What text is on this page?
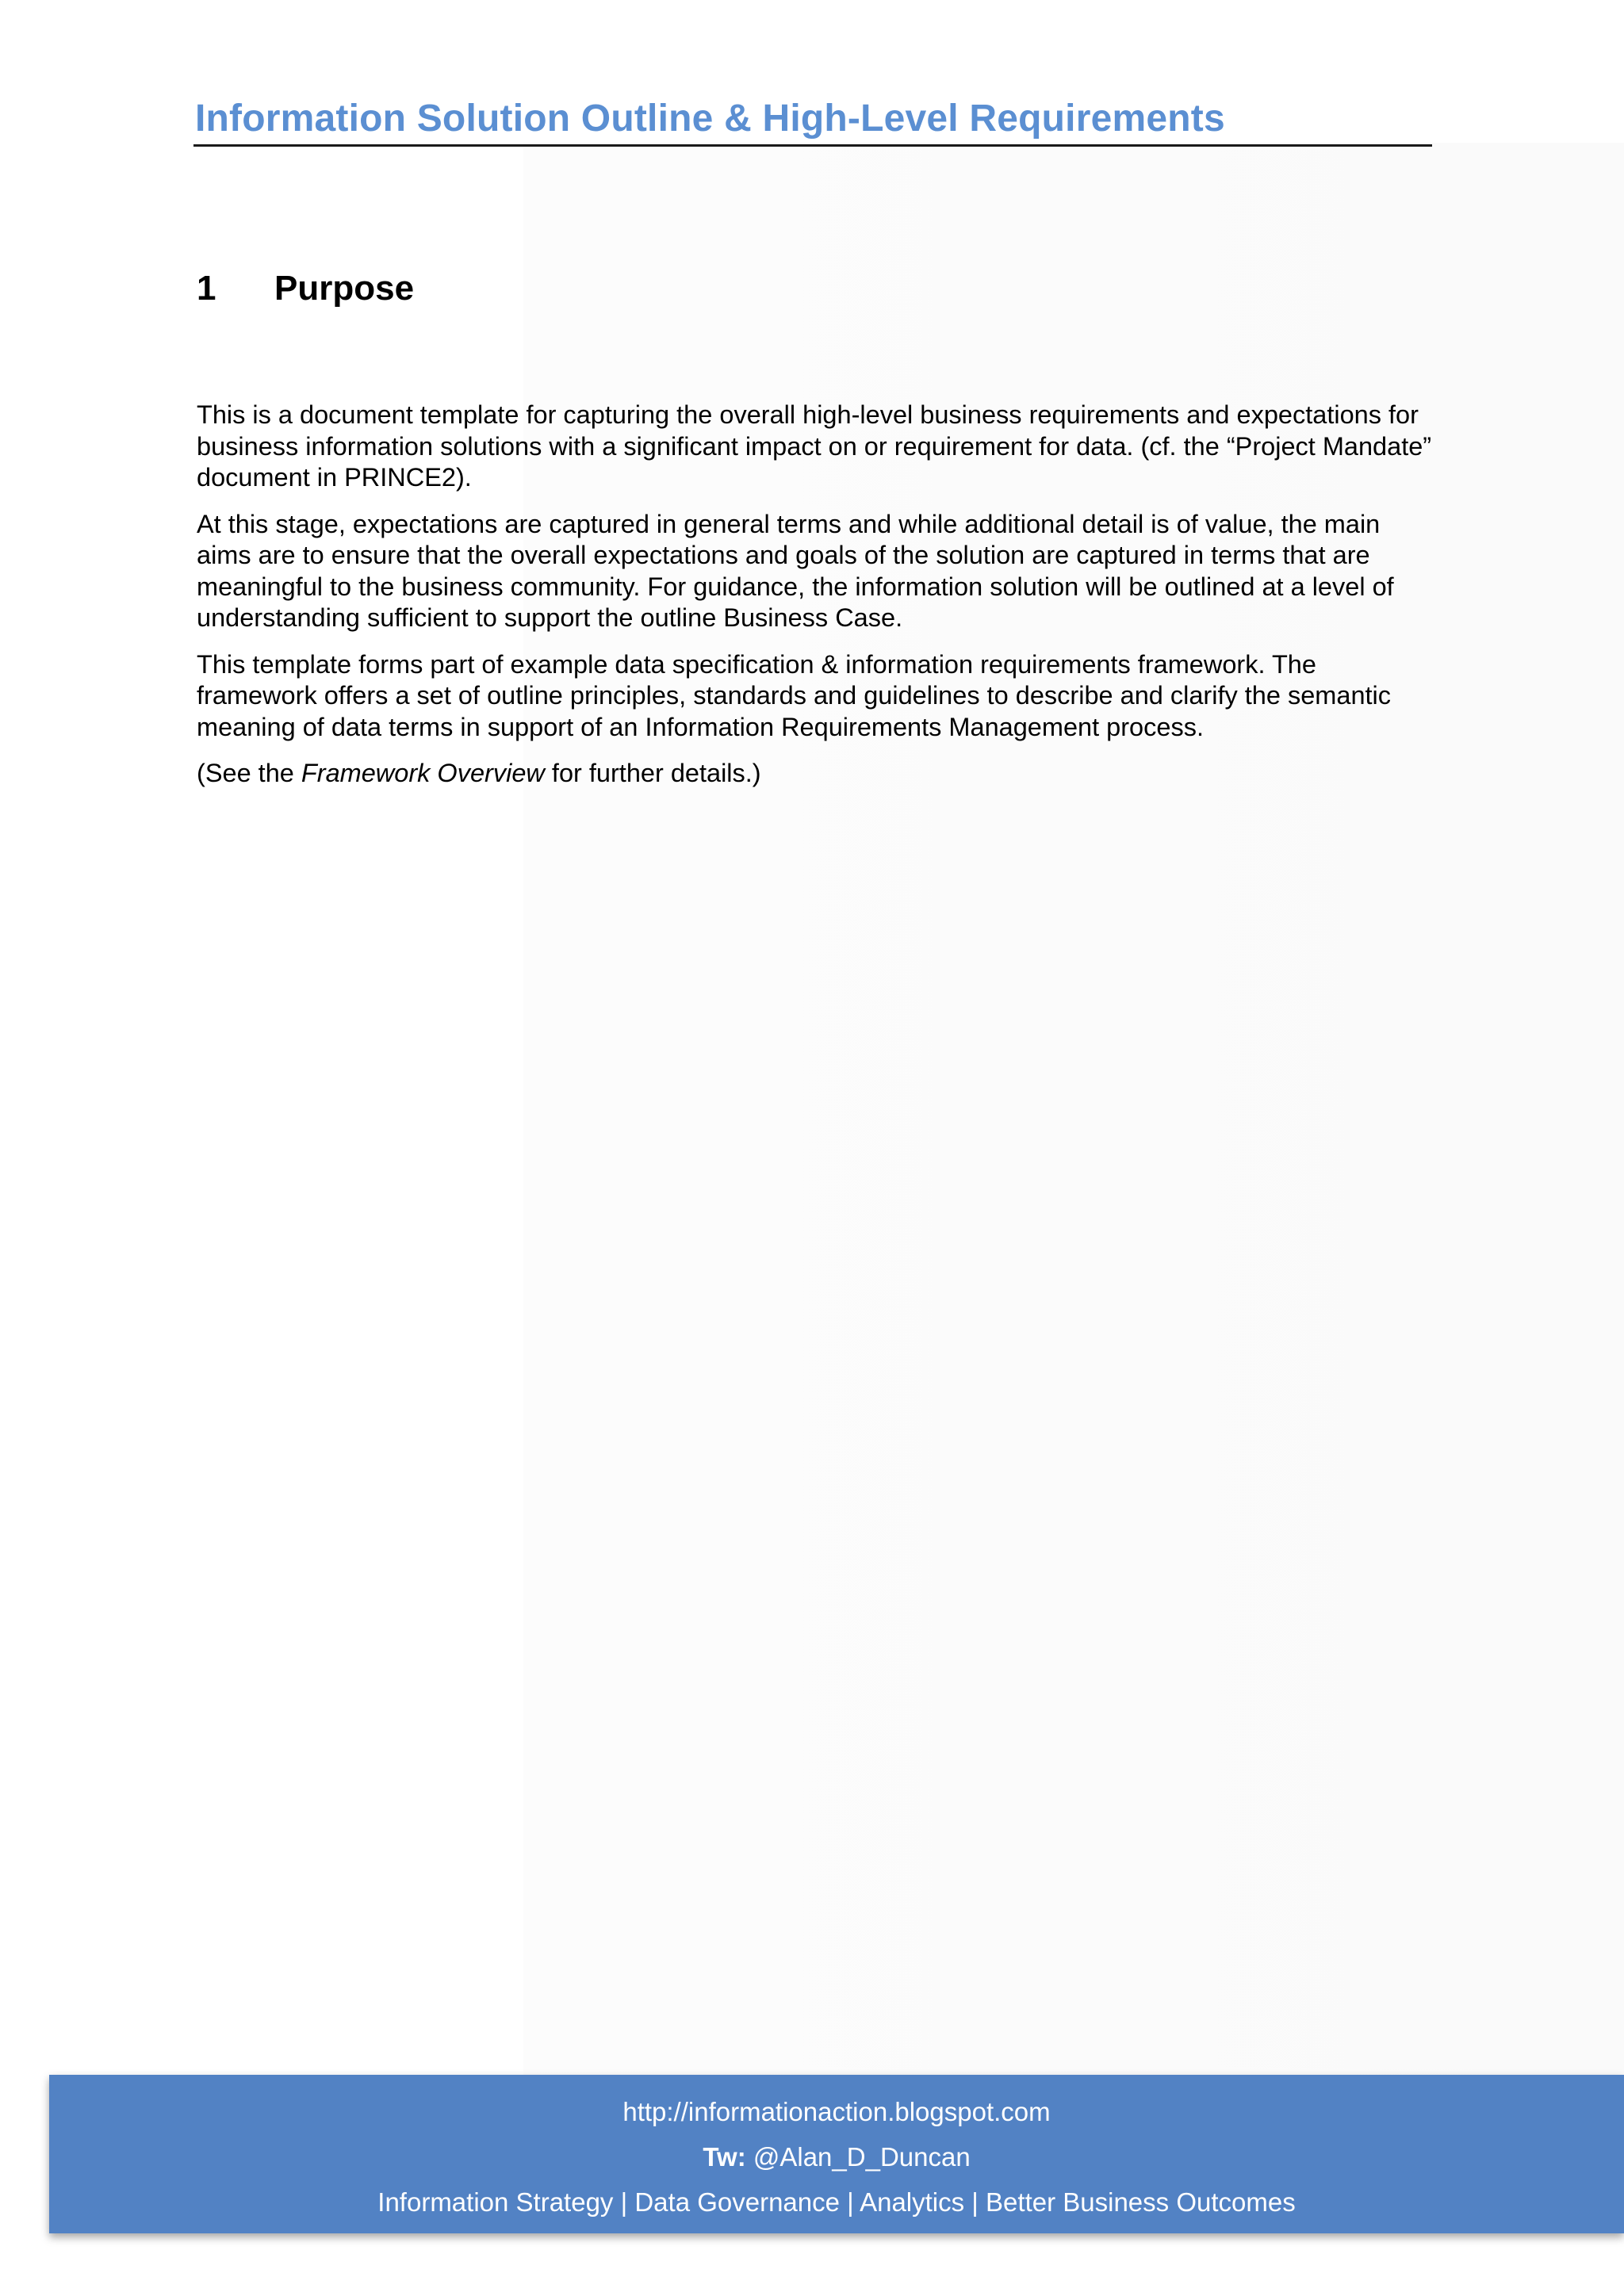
Information Solution Outline & High-Level Requirements
1 Purpose

This is a document template for capturing the overall high-level business requirements and expectations for business information solutions with a significant impact on or requirement for data. (cf. the “Project Mandate” document in PRINCE2).

At this stage, expectations are captured in general terms and while additional detail is of value, the main aims are to ensure that the overall expectations and goals of the solution are captured in terms that are meaningful to the business community. For guidance, the information solution will be outlined at a level of understanding sufficient to support the outline Business Case.

This template forms part of example data specification & information requirements framework. The framework offers a set of outline principles, standards and guidelines to describe and clarify the semantic meaning of data terms in support of an Information Requirements Management process.

(See the Framework Overview for further details.)

http://informationaction.blogspot.com
Tw: @Alan_D_Duncan
Information Strategy | Data Governance | Analytics | Better Business Outcomes
